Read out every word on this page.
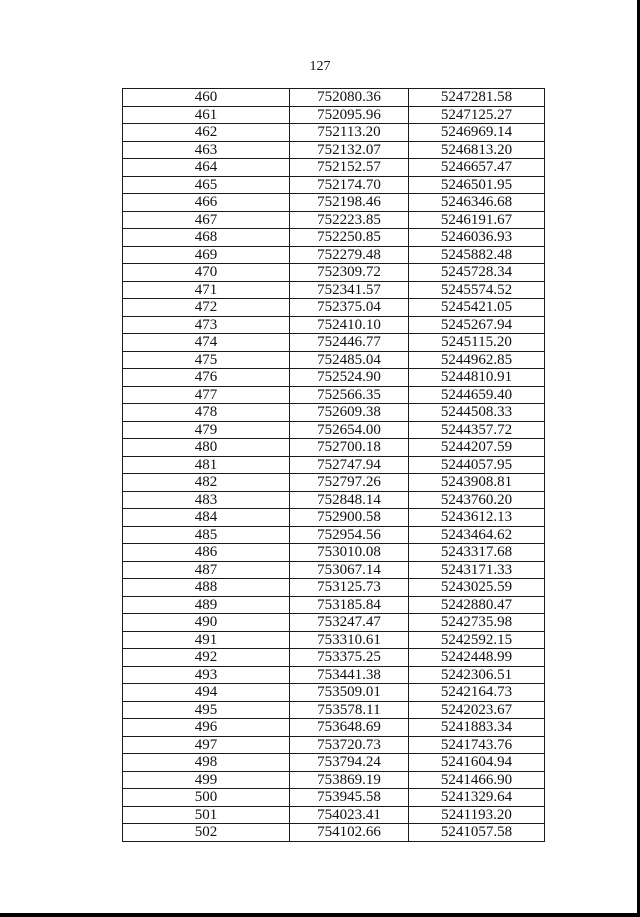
127
460	752080.36	5247281.58
461	752095.96	5247125.27
462	752113.20	5246969.14
463	752132.07	5246813.20
464	752152.57	5246657.47
465	752174.70	5246501.95
466	752198.46	5246346.68
467	752223.85	5246191.67
468	752250.85	5246036.93
469	752279.48	5245882.48
470	752309.72	5245728.34
471	752341.57	5245574.52
472	752375.04	5245421.05
473	752410.10	5245267.94
474	752446.77	5245115.20
475	752485.04	5244962.85
476	752524.90	5244810.91
477	752566.35	5244659.40
478	752609.38	5244508.33
479	752654.00	5244357.72
480	752700.18	5244207.59
481	752747.94	5244057.95
482	752797.26	5243908.81
483	752848.14	5243760.20
484	752900.58	5243612.13
485	752954.56	5243464.62
486	753010.08	5243317.68
487	753067.14	5243171.33
488	753125.73	5243025.59
489	753185.84	5242880.47
490	753247.47	5242735.98
491	753310.61	5242592.15
492	753375.25	5242448.99
493	753441.38	5242306.51
494	753509.01	5242164.73
495	753578.11	5242023.67
496	753648.69	5241883.34
497	753720.73	5241743.76
498	753794.24	5241604.94
499	753869.19	5241466.90
500	753945.58	5241329.64
501	754023.41	5241193.20
502	754102.66	5241057.58
